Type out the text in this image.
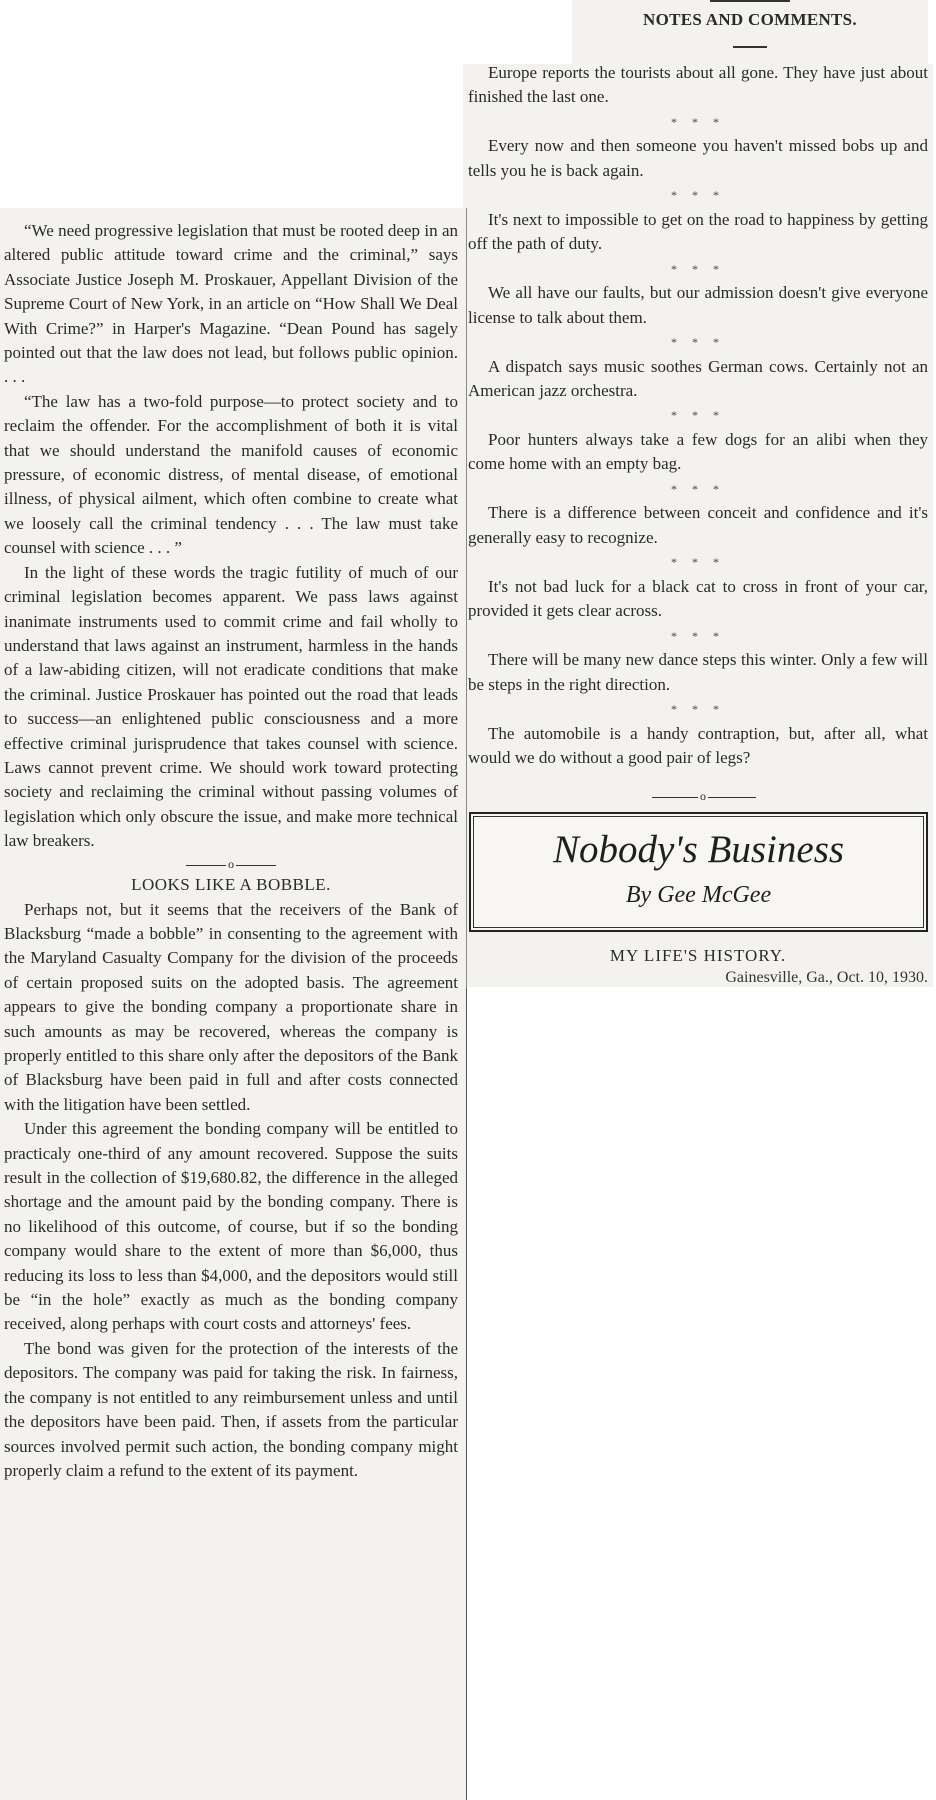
NOTES AND COMMENTS.

Europe reports the tourists about all gone. They have just about finished the last one.

* * *

Every now and then someone you haven't missed bobs up and tells you he is back again.

* * *

It's next to impossible to get on the road to happiness by getting off the path of duty.

* * *

We all have our faults, but our admission doesn't give everyone license to talk about them.

* * *

A dispatch says music soothes German cows. Certainly not an American jazz orchestra.

* * *

Poor hunters always take a few dogs for an alibi when they come home with an empty bag.

* * *

There is a difference between conceit and confidence and it's generally easy to recognize.

* * *

It's not bad luck for a black cat to cross in front of your car, provided it gets clear across.

* * *

There will be many new dance steps this winter. Only a few will be steps in the right direction.

* * *

The automobile is a handy contraption, but, after all, what would we do without a good pair of legs?

o
Nobody's Business
By Gee McGee
MY LIFE'S HISTORY.
Gainesville, Ga., Oct. 10, 1930.

“We need progressive legislation that must be rooted deep in an altered public attitude toward crime and the criminal,” says Associate Justice Joseph M. Proskauer, Appellant Division of the Supreme Court of New York, in an article on “How Shall We Deal With Crime?” in Harper's Magazine. “Dean Pound has sagely pointed out that the law does not lead, but follows public opinion. . . .

“The law has a two-fold purpose—to protect society and to reclaim the offender. For the accomplishment of both it is vital that we should understand the manifold causes of economic pressure, of economic distress, of mental disease, of emotional illness, of physical ailment, which often combine to create what we loosely call the criminal tendency . . . The law must take counsel with science . . . ”

In the light of these words the tragic futility of much of our criminal legislation becomes apparent. We pass laws against inanimate instruments used to commit crime and fail wholly to understand that laws against an instrument, harmless in the hands of a law-abiding citizen, will not eradicate conditions that make the criminal. Justice Proskauer has pointed out the road that leads to success—an enlightened public consciousness and a more effective criminal jurisprudence that takes counsel with science. Laws cannot prevent crime. We should work toward protecting society and reclaiming the criminal without passing volumes of legislation which only obscure the issue, and make more technical law breakers.

o
LOOKS LIKE A BOBBLE.

Perhaps not, but it seems that the receivers of the Bank of Blacksburg “made a bobble” in consenting to the agreement with the Maryland Casualty Company for the division of the proceeds of certain proposed suits on the adopted basis. The agreement appears to give the bonding company a proportionate share in such amounts as may be recovered, whereas the company is properly entitled to this share only after the depositors of the Bank of Blacksburg have been paid in full and after costs connected with the litigation have been settled.

Under this agreement the bonding company will be entitled to practicaly one-third of any amount recovered. Suppose the suits result in the collection of $19,680.82, the difference in the alleged shortage and the amount paid by the bonding company. There is no likelihood of this outcome, of course, but if so the bonding company would share to the extent of more than $6,000, thus reducing its loss to less than $4,000, and the depositors would still be “in the hole” exactly as much as the bonding company received, along perhaps with court costs and attorneys' fees.

The bond was given for the protection of the interests of the depositors. The company was paid for taking the risk. In fairness, the company is not entitled to any reimbursement unless and until the depositors have been paid. Then, if assets from the particular sources involved permit such action, the bonding company might properly claim a refund to the extent of its payment.
